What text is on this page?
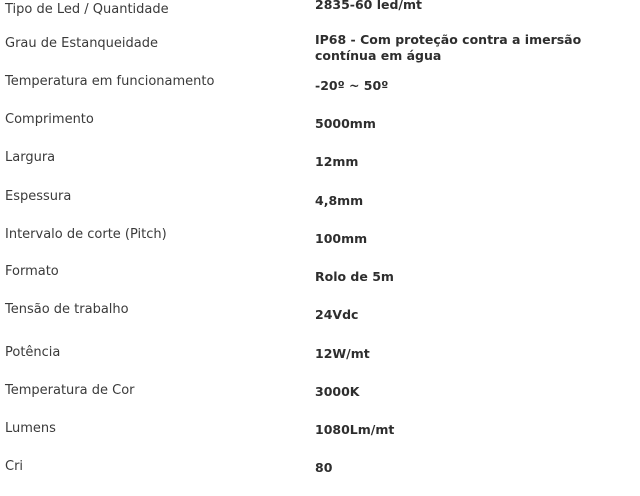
Tipo de Led / Quantidade	2835-60 led/mt
Grau de Estanqueidade	IP68 - Com proteção contra a imersão contínua em água
Temperatura em funcionamento	-20º ~ 50º
Comprimento	5000mm
Largura	12mm
Espessura	4,8mm
Intervalo de corte (Pitch)	100mm
Formato	Rolo de 5m
Tensão de trabalho	24Vdc
Potência	12W/mt
Temperatura de Cor	3000K
Lumens	1080Lm/mt
Cri	80
